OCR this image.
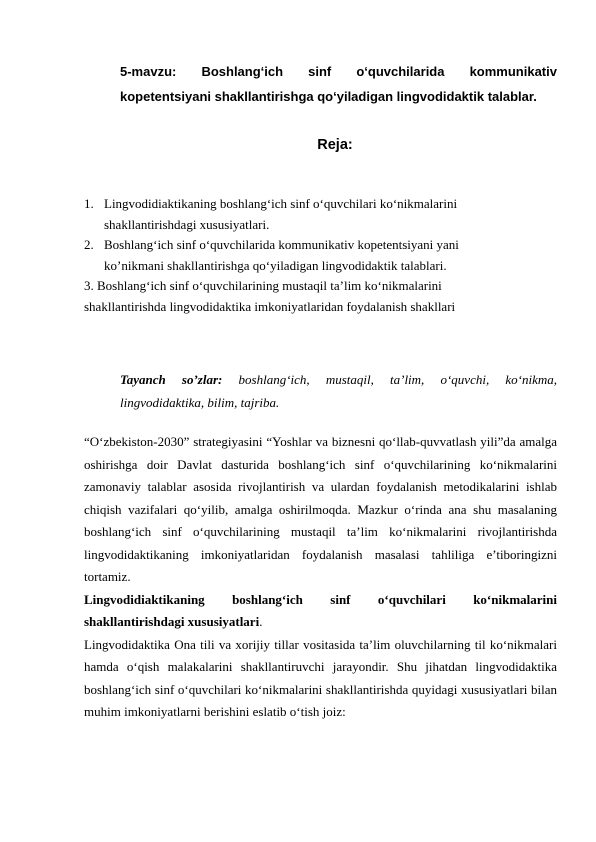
5-mavzu: Boshlang‘ich sinf o‘quvchilarida kommunikativ
kopetentsiyani shakllantirishga qo‘yiladigan lingvodidaktik talablar.
Reja:
1. Lingvodidiaktikaning boshlang‘ich sinf o‘quvchilari ko‘nikmalarini
shakllantirishdagi xususiyatlari.
2. Boshlang‘ich sinf o‘quvchilarida kommunikativ kopetentsiyani yani
ko’nikmani shakllantirishga qo‘yiladigan lingvodidaktik talablari.
3. Boshlang‘ich sinf o‘quvchilarining mustaqil ta’lim ko‘nikmalarini
shakllantirishda lingvodidaktika imkoniyatlaridan foydalanish shakllari
Tayanch so’zlar: boshlang‘ich, mustaqil, ta’lim, o‘quvchi, ko‘nikma, lingvodidaktika, bilim, tajriba.

“O‘zbekiston-2030” strategiyasini “Yoshlar va biznesni qo‘llab-quvvatlash yili”da amalga oshirishga doir Davlat dasturida boshlang‘ich sinf o‘quvchilarining ko‘nikmalarini zamonaviy talablar asosida rivojlantirish va ulardan foydalanish metodikalarini ishlab chiqish vazifalari qo‘yilib, amalga oshirilmoqda. Mazkur o‘rinda ana shu masalaning boshlang‘ich sinf o‘quvchilarining mustaqil ta’lim ko‘nikmalarini rivojlantirishda lingvodidaktikaning imkoniyatlaridan foydalanish masalasi tahliliga e’tiboringizni tortamiz.

Lingvodidiaktikaning boshlang‘ich sinf o‘quvchilari ko‘nikmalarini shakllantirishdagi xususiyatlari.

Lingvodidaktika Ona tili va xorijiy tillar vositasida ta’lim oluvchilarning til ko‘nikmalari hamda o‘qish malakalarini shakllantiruvchi jarayondir. Shu jihatdan lingvodidaktika boshlang‘ich sinf o‘quvchilari ko‘nikmalarini shakllantirishda quyidagi xususiyatlari bilan muhim imkoniyatlarni berishini eslatib o‘tish joiz:
